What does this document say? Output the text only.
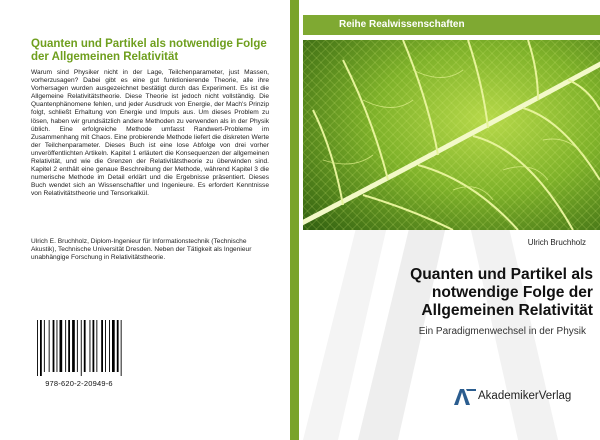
Quanten und Partikel als notwendige Folge der Allgemeinen Relativität

Warum sind Physiker nicht in der Lage, Teilchenparameter, just Massen, vorherzusagen? Dabei gibt es eine gut funktionierende Theorie, alle ihre Vorhersagen wurden ausgezeichnet bestätigt durch das Experiment. Es ist die Allgemeine Relativitätstheorie. Diese Theorie ist jedoch nicht vollständig. Die Quantenphänomene fehlen, und jeder Ausdruck von Energie, der Mach's Prinzip folgt, schließt Erhaltung von Energie und Impuls aus. Um dieses Problem zu lösen, haben wir grundsätzlich andere Methoden zu verwenden als in der Physik üblich. Eine erfolgreiche Methode umfasst Randwert-Probleme im Zusammenhang mit Chaos. Eine probierende Methode liefert die diskreten Werte der Teilchenparameter. Dieses Buch ist eine lose Abfolge von drei vorher unveröffentlichten Artikeln. Kapitel 1 erläutert die Konsequenzen der allgemeinen Relativität, und wie die Grenzen der Relativitätstheorie zu überwinden sind. Kapitel 2 enthält eine genaue Beschreibung der Methode, während Kapitel 3 die numerische Methode im Detail erklärt und die Ergebnisse präsentiert. Dieses Buch wendet sich an Wissenschaftler und Ingenieure. Es erfordert Kenntnisse von Relativitätstheorie und Tensorkalkül.

Ulrich E. Bruchholz, Diplom-Ingenieur für Informationstechnik (Technische Akustik), Technische Universität Dresden. Neben der Tätigkeit als Ingenieur unabhängige Forschung in Relativitätstheorie.

978-620-2-20949-6
Reihe Realwissenschaften
Ulrich Bruchholz
Quanten und Partikel als notwendige Folge der Allgemeinen Relativität
Ein Paradigmenwechsel in der Physik
AkademikerVerlag
